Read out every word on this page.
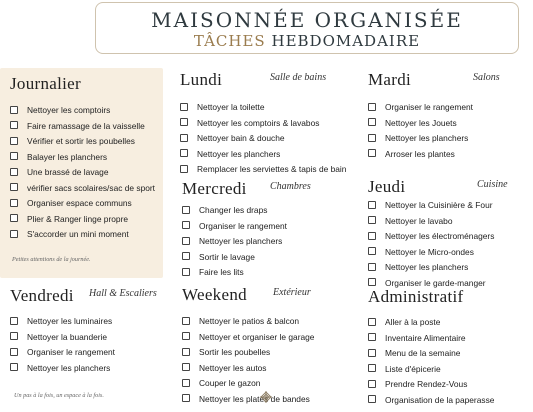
MAISONNÉE ORGANISÉE
TÂCHES HEBDOMADAIRE
Journalier
Nettoyer les comptoirs
Faire ramassage de la vaisselle
Vérifier et sortir les poubelles
Balayer les planchers
Une brassé de lavage
vérifier sacs scolaires/sac de sport
Organiser espace communs
Plier & Ranger linge propre
S'accorder un mini moment
Petites attentions de la journée.
Lundi	Salle de bains
Nettoyer la toilette
Nettoyer les comptoirs & lavabos
Nettoyer bain & douche
Nettoyer les planchers
Remplacer les serviettes & tapis de bain
Mardi	Salons
Organiser le rangement
Nettoyer les Jouets
Nettoyer les planchers
Arroser les plantes
Mercredi Chambres
Changer les draps
Organiser le rangement
Nettoyer les planchers
Sortir le lavage
Faire les lits
Jeudi	Cuisine
Nettoyer la Cuisinière & Four
Nettoyer le lavabo
Nettoyer les électroménagers
Nettoyer le Micro-ondes
Nettoyer les planchers
Organiser le garde-manger
Vendredi Hall & Escaliers
Nettoyer les luminaires
Nettoyer la buanderie
Organiser le rangement
Nettoyer les planchers
Weekend	Extérieur
Nettoyer le patios & balcon
Nettoyer et organiser le garage
Sortir les poubelles
Nettoyer les autos
Couper le gazon
Nettoyer les plates de bandes
Administratif
Aller à la poste
Inventaire Alimentaire
Menu de la semaine
Liste d'épicerie
Prendre Rendez-Vous
Organisation de la paperasse
Un pas à la fois, un espace à la fois.
